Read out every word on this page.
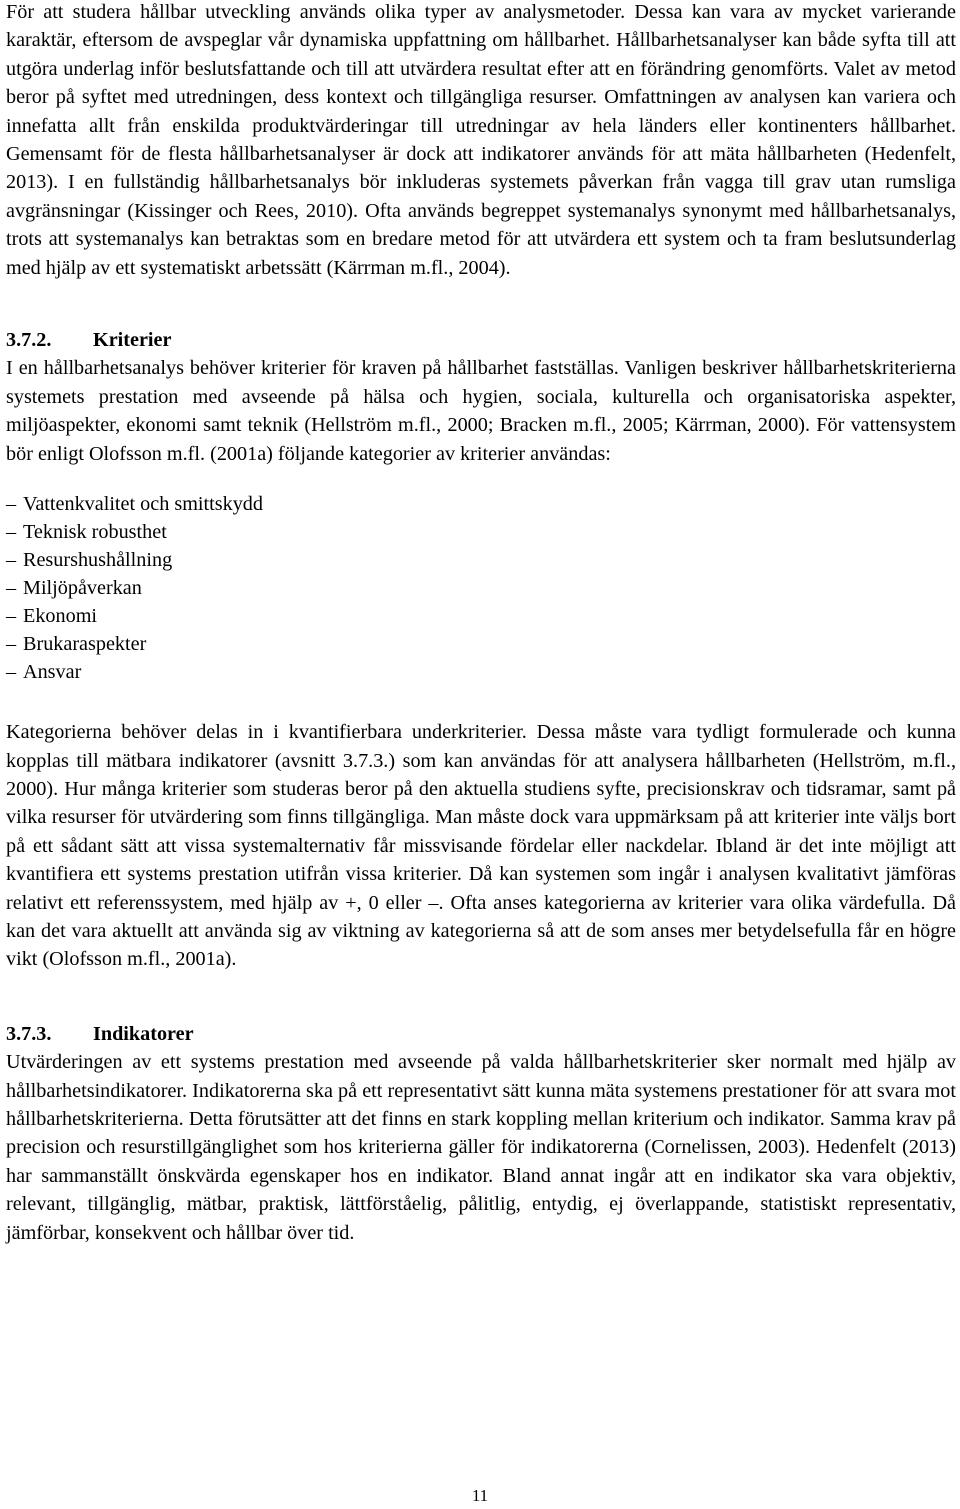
För att studera hållbar utveckling används olika typer av analysmetoder. Dessa kan vara av mycket varierande karaktär, eftersom de avspeglar vår dynamiska uppfattning om hållbarhet. Hållbarhetsanalyser kan både syfta till att utgöra underlag inför beslutsfattande och till att utvärdera resultat efter att en förändring genomförts. Valet av metod beror på syftet med utredningen, dess kontext och tillgängliga resurser. Omfattningen av analysen kan variera och innefatta allt från enskilda produktvärderingar till utredningar av hela länders eller kontinenters hållbarhet. Gemensamt för de flesta hållbarhetsanalyser är dock att indikatorer används för att mäta hållbarheten (Hedenfelt, 2013). I en fullständig hållbarhetsanalys bör inkluderas systemets påverkan från vagga till grav utan rumsliga avgränsningar (Kissinger och Rees, 2010). Ofta används begreppet systemanalys synonymt med hållbarhetsanalys, trots att systemanalys kan betraktas som en bredare metod för att utvärdera ett system och ta fram beslutsunderlag med hjälp av ett systematiskt arbetssätt (Kärrman m.fl., 2004).

3.7.2.	Kriterier

I en hållbarhetsanalys behöver kriterier för kraven på hållbarhet fastställas. Vanligen beskriver hållbarhetskriterierna systemets prestation med avseende på hälsa och hygien, sociala, kulturella och organisatoriska aspekter, miljöaspekter, ekonomi samt teknik (Hellström m.fl., 2000; Bracken m.fl., 2005; Kärrman, 2000). För vattensystem bör enligt Olofsson m.fl. (2001a) följande kategorier av kriterier användas:

– Vattenkvalitet och smittskydd
– Teknisk robusthet
– Resurshushållning
– Miljöpåverkan
– Ekonomi
– Brukaraspekter
– Ansvar

Kategorierna behöver delas in i kvantifierbara underkriterier. Dessa måste vara tydligt formulerade och kunna kopplas till mätbara indikatorer (avsnitt 3.7.3.) som kan användas för att analysera hållbarheten (Hellström, m.fl., 2000). Hur många kriterier som studeras beror på den aktuella studiens syfte, precisionskrav och tidsramar, samt på vilka resurser för utvärdering som finns tillgängliga. Man måste dock vara uppmärksam på att kriterier inte väljs bort på ett sådant sätt att vissa systemalternativ får missvisande fördelar eller nackdelar. Ibland är det inte möjligt att kvantifiera ett systems prestation utifrån vissa kriterier. Då kan systemen som ingår i analysen kvalitativt jämföras relativt ett referenssystem, med hjälp av +, 0 eller –. Ofta anses kategorierna av kriterier vara olika värdefulla. Då kan det vara aktuellt att använda sig av viktning av kategorierna så att de som anses mer betydelsefulla får en högre vikt (Olofsson m.fl., 2001a).

3.7.3.	Indikatorer

Utvärderingen av ett systems prestation med avseende på valda hållbarhetskriterier sker normalt med hjälp av hållbarhetsindikatorer. Indikatorerna ska på ett representativt sätt kunna mäta systemens prestationer för att svara mot hållbarhetskriterierna. Detta förutsätter att det finns en stark koppling mellan kriterium och indikator. Samma krav på precision och resurstillgänglighet som hos kriterierna gäller för indikatorerna (Cornelissen, 2003). Hedenfelt (2013) har sammanställt önskvärda egenskaper hos en indikator. Bland annat ingår att en indikator ska vara objektiv, relevant, tillgänglig, mätbar, praktisk, lättförståelig, pålitlig, entydig, ej överlappande, statistiskt representativ, jämförbar, konsekvent och hållbar över tid.

11
